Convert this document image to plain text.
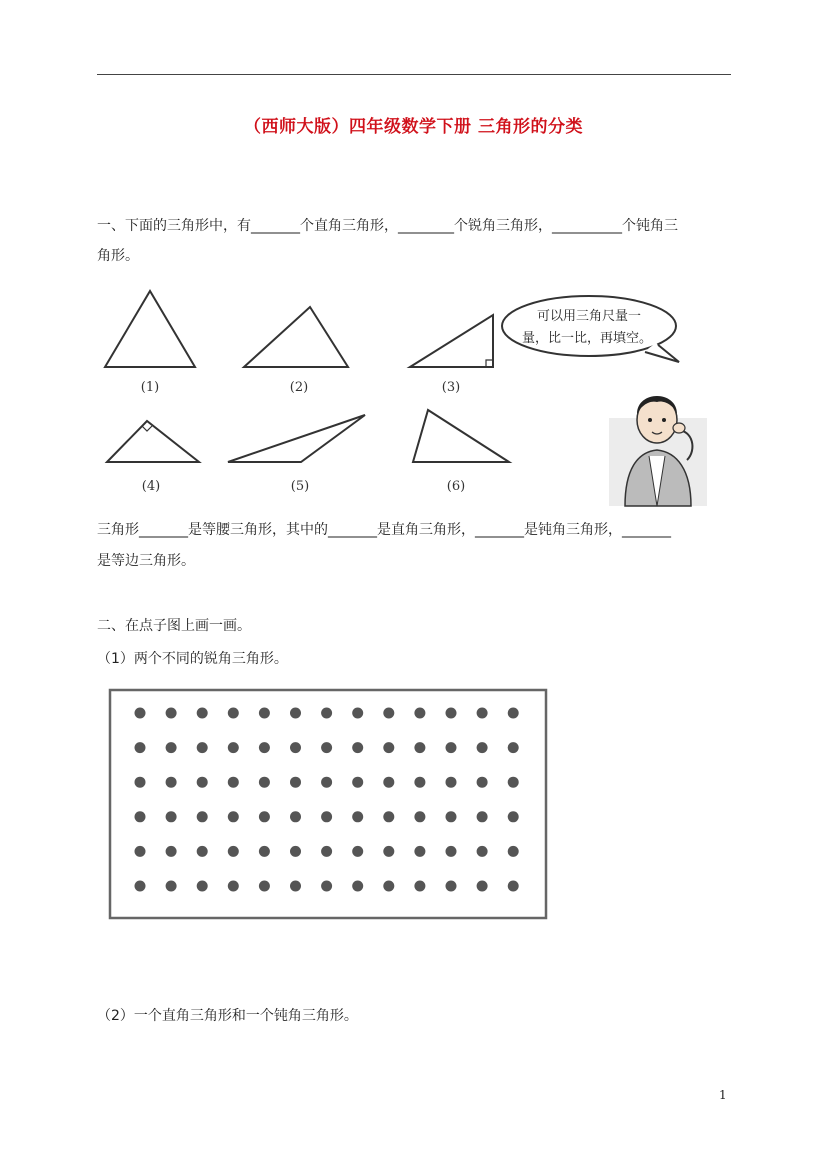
（西师大版）四年级数学下册 三角形的分类
一、下面的三角形中，有_______个直角三角形，________个锐角三角形，__________个钝角三
角形。
(1)	(2)	(3)
(4)	(5)	(6)
可以用三角尺量一
量，比一比，再填空。
三角形_______是等腰三角形，其中的_______是直角三角形，_______是钝角三角形，_______
是等边三角形。
二、在点子图上画一画。
（1）两个不同的锐角三角形。
（2）一个直角三角形和一个钝角三角形。
1
